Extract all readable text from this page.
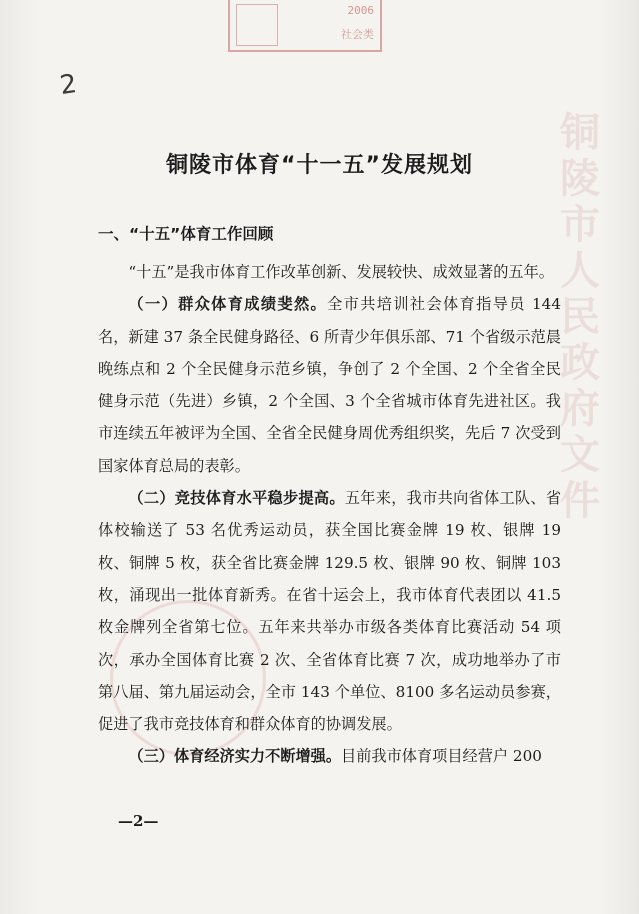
2006
社会类
2
铜陵市人民政府文件
铜陵市体育“十一五”发展规划
一、“十五”体育工作回顾

“十五”是我市体育工作改革创新、发展较快、成效显著的五年。

（一）群众体育成绩斐然。全市共培训社会体育指导员 144 名，新建 37 条全民健身路径、6 所青少年俱乐部、71 个省级示范晨晚练点和 2 个全民健身示范乡镇，争创了 2 个全国、2 个全省全民健身示范（先进）乡镇，2 个全国、3 个全省城市体育先进社区。我市连续五年被评为全国、全省全民健身周优秀组织奖，先后 7 次受到国家体育总局的表彰。

（二）竞技体育水平稳步提高。五年来，我市共向省体工队、省体校输送了 53 名优秀运动员，获全国比赛金牌 19 枚、银牌 19 枚、铜牌 5 枚，获全省比赛金牌 129.5 枚、银牌 90 枚、铜牌 103 枚，涌现出一批体育新秀。在省十运会上，我市体育代表团以 41.5 枚金牌列全省第七位。五年来共举办市级各类体育比赛活动 54 项次，承办全国体育比赛 2 次、全省体育比赛 7 次，成功地举办了市第八届、第九届运动会，全市 143 个单位、8100 多名运动员参赛，促进了我市竞技体育和群众体育的协调发展。

（三）体育经济实力不断增强。目前我市体育项目经营户 200

—2—
